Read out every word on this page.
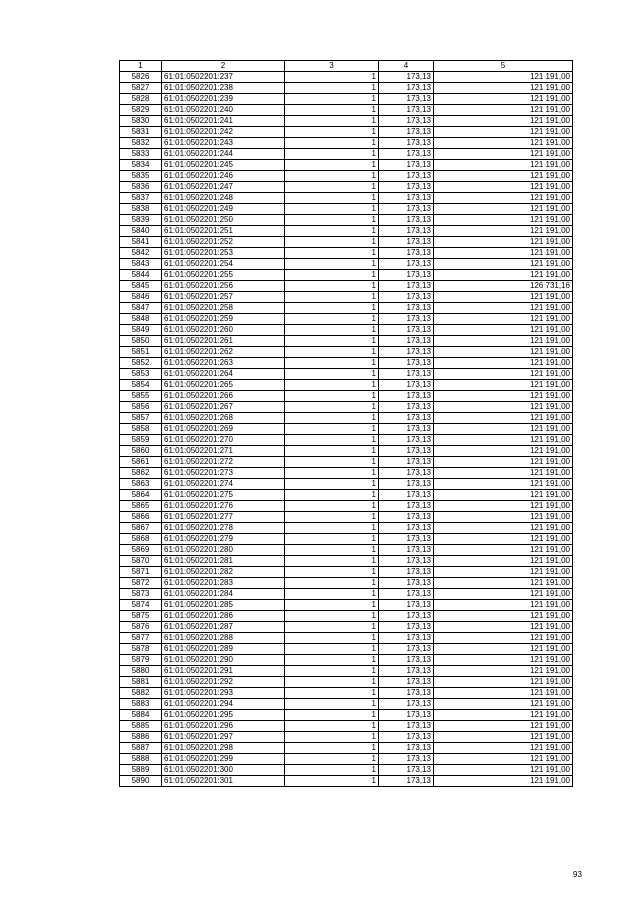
1	2	3	4	5
5826	61:01:0502201:237	1	173,13	121 191,00
5827	61:01:0502201:238	1	173,13	121 191,00
5828	61:01:0502201:239	1	173,13	121 191,00
5829	61:01:0502201:240	1	173,13	121 191,00
5830	61:01:0502201:241	1	173,13	121 191,00
5831	61:01:0502201:242	1	173,13	121 191,00
5832	61:01:0502201:243	1	173,13	121 191,00
5833	61:01:0502201:244	1	173,13	121 191,00
5834	61:01:0502201:245	1	173,13	121 191,00
5835	61:01:0502201:246	1	173,13	121 191,00
5836	61:01:0502201:247	1	173,13	121 191,00
5837	61:01:0502201:248	1	173,13	121 191,00
5838	61:01:0502201:249	1	173,13	121 191,00
5839	61:01:0502201:250	1	173,13	121 191,00
5840	61:01:0502201:251	1	173,13	121 191,00
5841	61:01:0502201:252	1	173,13	121 191,00
5842	61:01:0502201:253	1	173,13	121 191,00
5843	61:01:0502201:254	1	173,13	121 191,00
5844	61:01:0502201:255	1	173,13	121 191,00
5845	61:01:0502201:256	1	173,13	126 731,16
5846	61:01:0502201:257	1	173,13	121 191,00
5847	61:01:0502201:258	1	173,13	121 191,00
5848	61:01:0502201:259	1	173,13	121 191,00
5849	61:01:0502201:260	1	173,13	121 191,00
5850	61:01:0502201:261	1	173,13	121 191,00
5851	61:01:0502201:262	1	173,13	121 191,00
5852	61:01:0502201:263	1	173,13	121 191,00
5853	61:01:0502201:264	1	173,13	121 191,00
5854	61:01:0502201:265	1	173,13	121 191,00
5855	61:01:0502201:266	1	173,13	121 191,00
5856	61:01:0502201:267	1	173,13	121 191,00
5857	61:01:0502201:268	1	173,13	121 191,00
5858	61:01:0502201:269	1	173,13	121 191,00
5859	61:01:0502201:270	1	173,13	121 191,00
5860	61:01:0502201:271	1	173,13	121 191,00
5861	61:01:0502201:272	1	173,13	121 191,00
5862	61:01:0502201:273	1	173,13	121 191,00
5863	61:01:0502201:274	1	173,13	121 191,00
5864	61:01:0502201:275	1	173,13	121 191,00
5865	61:01:0502201:276	1	173,13	121 191,00
5866	61:01:0502201:277	1	173,13	121 191,00
5867	61:01:0502201:278	1	173,13	121 191,00
5868	61:01:0502201:279	1	173,13	121 191,00
5869	61:01:0502201:280	1	173,13	121 191,00
5870	61:01:0502201:281	1	173,13	121 191,00
5871	61:01:0502201:282	1	173,13	121 191,00
5872	61:01:0502201:283	1	173,13	121 191,00
5873	61:01:0502201:284	1	173,13	121 191,00
5874	61:01:0502201:285	1	173,13	121 191,00
5875	61:01:0502201:286	1	173,13	121 191,00
5876	61:01:0502201:287	1	173,13	121 191,00
5877	61:01:0502201:288	1	173,13	121 191,00
5878	61:01:0502201:289	1	173,13	121 191,00
5879	61:01:0502201:290	1	173,13	121 191,00
5880	61:01:0502201:291	1	173,13	121 191,00
5881	61:01:0502201:292	1	173,13	121 191,00
5882	61:01:0502201:293	1	173,13	121 191,00
5883	61:01:0502201:294	1	173,13	121 191,00
5884	61:01:0502201:295	1	173,13	121 191,00
5885	61:01:0502201:296	1	173,13	121 191,00
5886	61:01:0502201:297	1	173,13	121 191,00
5887	61:01:0502201:298	1	173,13	121 191,00
5888	61:01:0502201:299	1	173,13	121 191,00
5889	61:01:0502201:300	1	173,13	121 191,00
5890	61:01:0502201:301	1	173,13	121 191,00
93
